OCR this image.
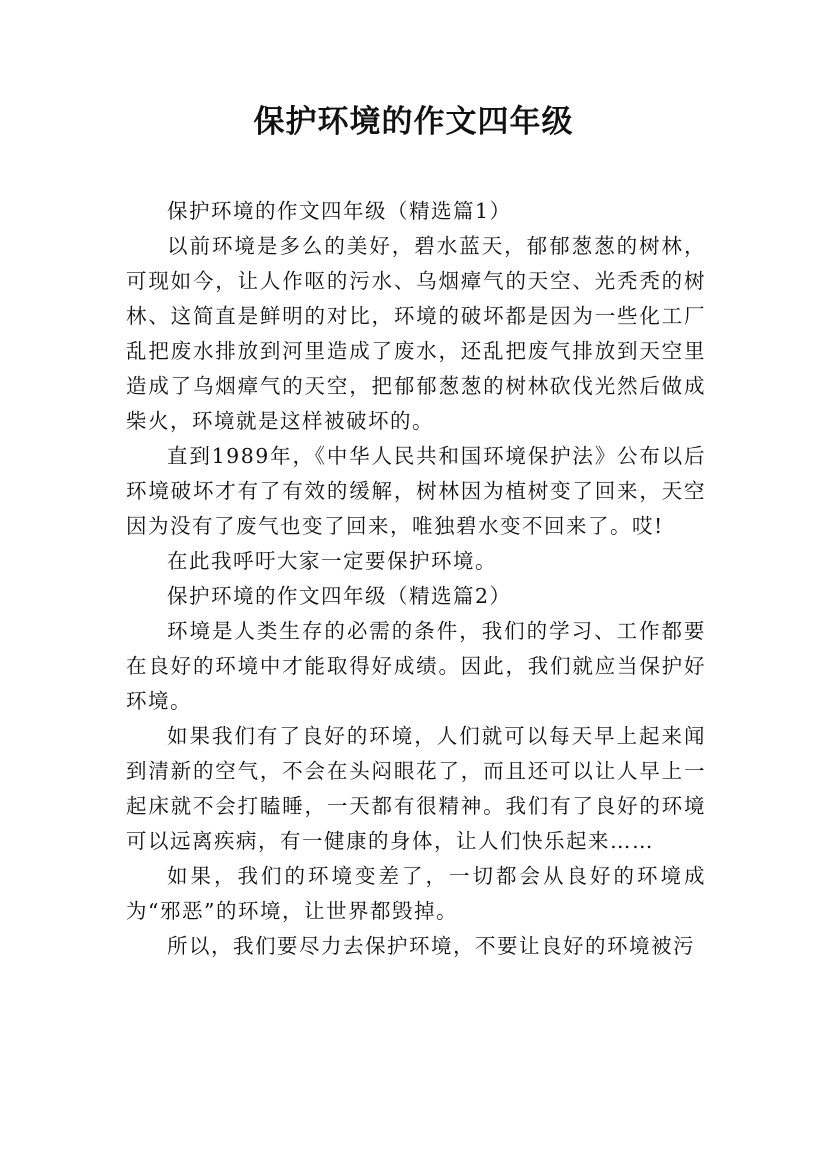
保护环境的作文四年级

保护环境的作文四年级（精选篇1）

以前环境是多么的美好，碧水蓝天，郁郁葱葱的树林，可现如今，让人作呕的污水、乌烟瘴气的天空、光秃秃的树林、这简直是鲜明的对比，环境的破坏都是因为一些化工厂乱把废水排放到河里造成了废水，还乱把废气排放到天空里造成了乌烟瘴气的天空，把郁郁葱葱的树林砍伐光然后做成柴火，环境就是这样被破坏的。

直到1989年，《中华人民共和国环境保护法》公布以后环境破坏才有了有效的缓解，树林因为植树变了回来，天空因为没有了废气也变了回来，唯独碧水变不回来了。哎!

在此我呼吁大家一定要保护环境。

保护环境的作文四年级（精选篇2）

环境是人类生存的必需的条件，我们的学习、工作都要在良好的环境中才能取得好成绩。因此，我们就应当保护好环境。

如果我们有了良好的环境，人们就可以每天早上起来闻到清新的空气，不会在头闷眼花了，而且还可以让人早上一起床就不会打瞌睡，一天都有很精神。我们有了良好的环境可以远离疾病，有一健康的身体，让人们快乐起来……

如果，我们的环境变差了，一切都会从良好的环境成为“邪恶”的环境，让世界都毁掉。

所以，我们要尽力去保护环境，不要让良好的环境被污
